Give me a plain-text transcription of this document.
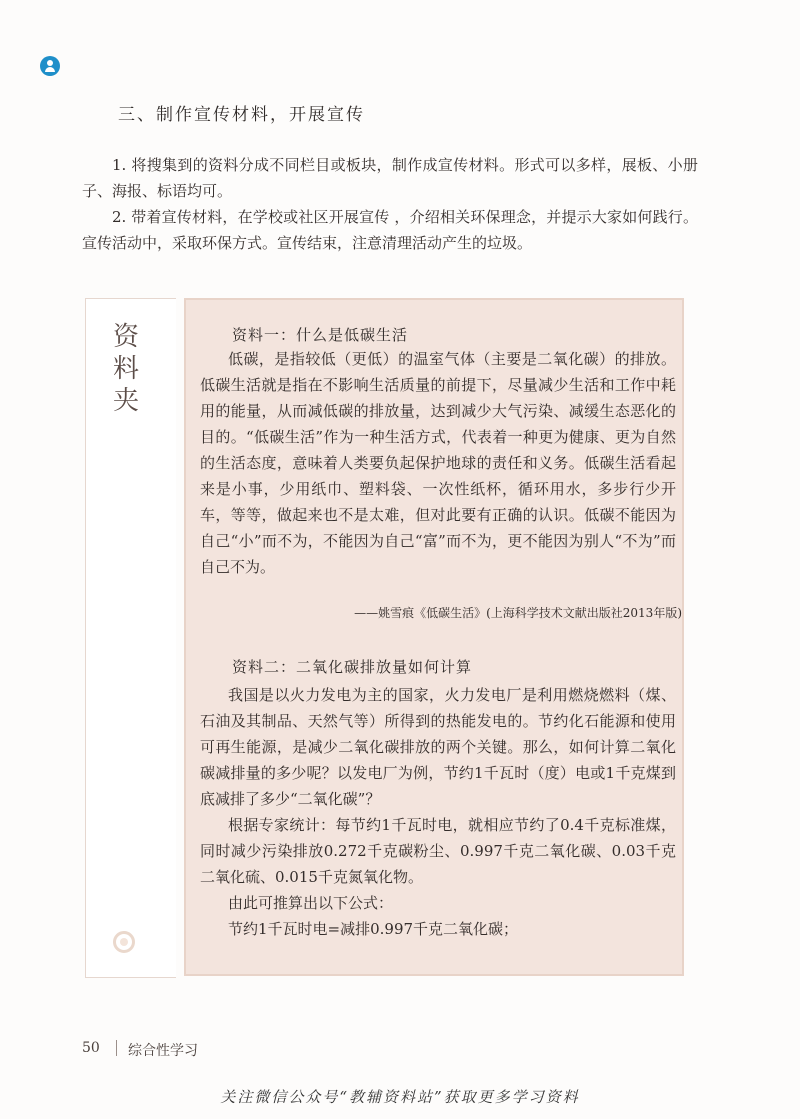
三、制作宣传材料，开展宣传
1. 将搜集到的资料分成不同栏目或板块，制作成宣传材料。形式可以多样，展板、小册子、海报、标语均可。
2. 带着宣传材料，在学校或社区开展宣传 ，介绍相关环保理念，并提示大家如何践行。宣传活动中，采取环保方式。宣传结束，注意清理活动产生的垃圾。
资料夹
资料一：什么是低碳生活

低碳，是指较低（更低）的温室气体（主要是二氧化碳）的排放。低碳生活就是指在不影响生活质量的前提下，尽量减少生活和工作中耗用的能量，从而减低碳的排放量，达到减少大气污染、减缓生态恶化的目的。“低碳生活”作为一种生活方式，代表着一种更为健康、更为自然的生活态度，意味着人类要负起保护地球的责任和义务。低碳生活看起来是小事，少用纸巾、塑料袋、一次性纸杯，循环用水，多步行少开车，等等，做起来也不是太难，但对此要有正确的认识。低碳不能因为自己“小”而不为，不能因为自己“富”而不为，更不能因为别人“不为”而自己不为。

——姚雪痕《低碳生活》(上海科学技术文献出版社2013年版)
资料二：二氧化碳排放量如何计算

我国是以火力发电为主的国家，火力发电厂是利用燃烧燃料（煤、石油及其制品、天然气等）所得到的热能发电的。节约化石能源和使用可再生能源，是减少二氧化碳排放的两个关键。那么，如何计算二氧化碳减排量的多少呢？以发电厂为例，节约1千瓦时（度）电或1千克煤到底减排了多少“二氧化碳”？

根据专家统计：每节约1千瓦时电，就相应节约了0.4千克标准煤，同时减少污染排放0.272千克碳粉尘、0.997千克二氧化碳、0.03千克二氧化硫、0.015千克氮氧化物。

由此可推算出以下公式：

节约1千瓦时电=减排0.997千克二氧化碳；

50 综合性学习
关注微信公众号“教辅资料站”获取更多学习资料
